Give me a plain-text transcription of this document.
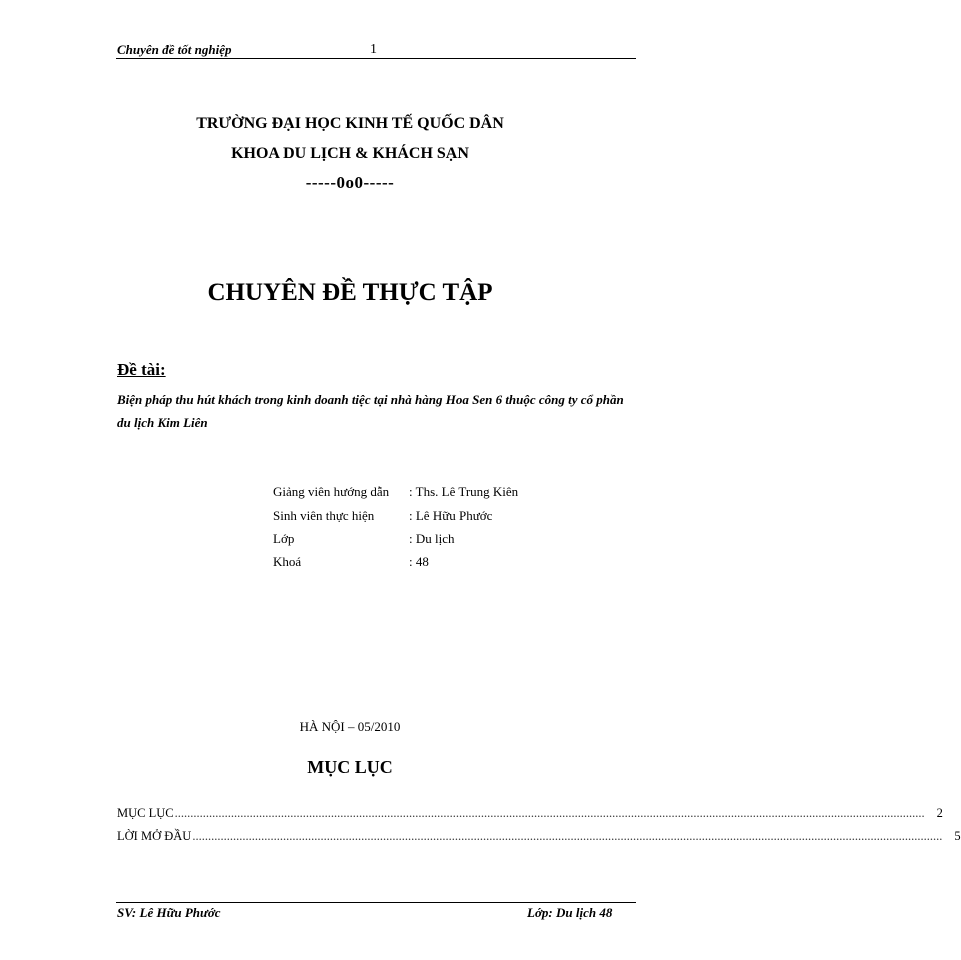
Chuyên đề tốt nghiệp	1
TRƯỜNG ĐẠI HỌC KINH TẾ QUỐC DÂN
KHOA DU LỊCH & KHÁCH SẠN
-----0o0-----
CHUYÊN ĐỀ THỰC TẬP
Đề tài:
Biện pháp thu hút khách trong kinh doanh tiệc tại nhà hàng Hoa Sen 6 thuộc công ty cổ phần du lịch Kim Liên
Giảng viên hướng dẫn : Ths. Lê Trung Kiên
Sinh viên thực hiện	: Lê Hữu Phước
Lớp	: Du lịch
Khoá	: 48
HÀ NỘI – 05/2010
MỤC LỤC
MỤC LỤC ................................................................................................................................................................................................................................................ 2
LỜI MỞ ĐẦU ................................................................................................................................................................................................................................................ 5
SV: Lê Hữu Phước	Lớp: Du lịch 48
